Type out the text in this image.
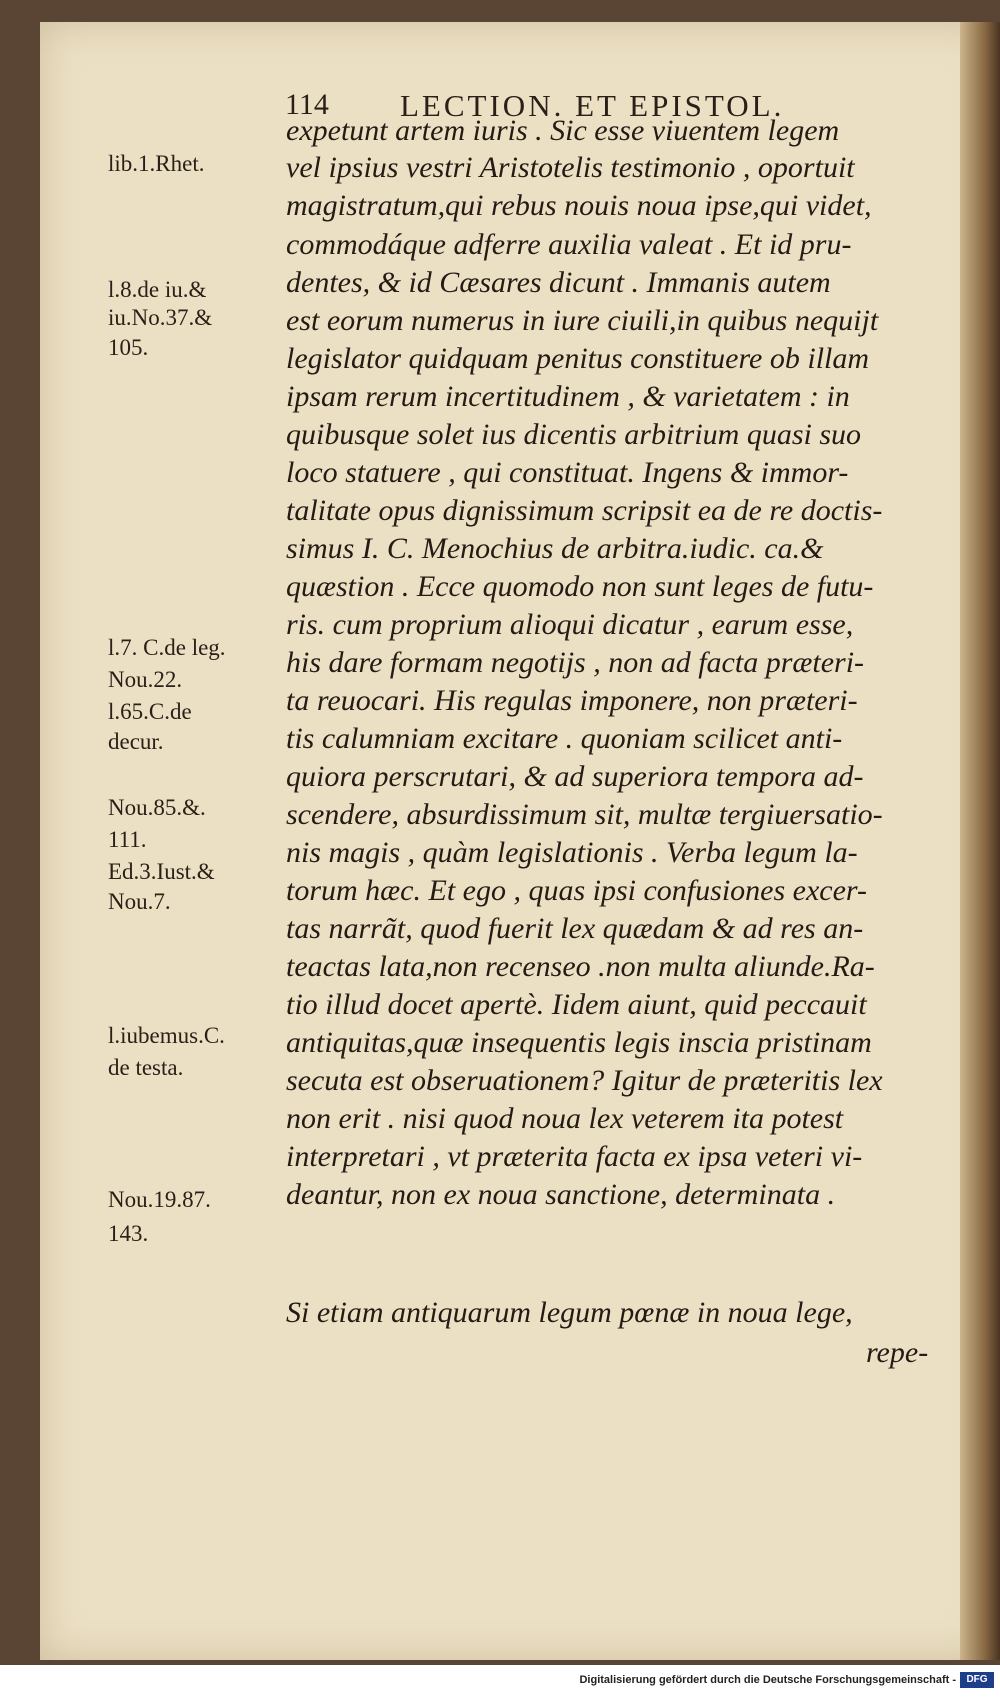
114 LECTION. ET EPISTOL.
expetunt artem iuris . Sic esse viuentem legem
vel ipsius vestri Aristotelis testimonio , oportuit
magistratum,qui rebus nouis noua ipse,qui videt,
commodáque adferre auxilia valeat . Et id pru-
dentes, & id Cæsares dicunt . Immanis autem
est eorum numerus in iure ciuili,in quibus nequijt
legislator quidquam penitus constituere ob illam
ipsam rerum incertitudinem , & varietatem : in
quibusque solet ius dicentis arbitrium quasi suo
loco statuere , qui constituat. Ingens & immor-
talitate opus dignissimum scripsit ea de re doctis-
simus I. C. Menochius de arbitra.iudic. ca.&
quæstion . Ecce quomodo non sunt leges de futu-
ris. cum proprium alioqui dicatur , earum esse,
his dare formam negotijs , non ad facta præteri-
ta reuocari. His regulas imponere, non præteri-
tis calumniam excitare . quoniam scilicet anti-
quiora perscrutari, & ad superiora tempora ad-
scendere, absurdissimum sit, multæ tergiuersatio-
nis magis , quàm legislationis . Verba legum la-
torum hæc. Et ego , quas ipsi confusiones excer-
tas narrãt, quod fuerit lex quædam & ad res an-
teactas lata,non recenseo .non multa aliunde.Ra-
tio illud docet apertè. Iidem aiunt, quid peccauit
antiquitas,quæ insequentis legis inscia pristinam
secuta est obseruationem? Igitur de præteritis lex
non erit . nisi quod noua lex veterem ita potest
interpretari , vt præterita facta ex ipsa veteri vi-
deantur, non ex noua sanctione, determinata .
Si etiam antiquarum legum pœnæ in noua lege,
repe-
lib.1.Rhet.
l.8.de iu.&
iu.No.37.&
105.
l.7. C.de leg.
Nou.22.
l.65.C.de
decur.
Nou.85.&.
111.
Ed.3.Iust.&
Nou.7.
l.iubemus.C.
de testa.
Nou.19.87.
143.
Digitalisierung gefördert durch die Deutsche Forschungsgemeinschaft -	DFG
